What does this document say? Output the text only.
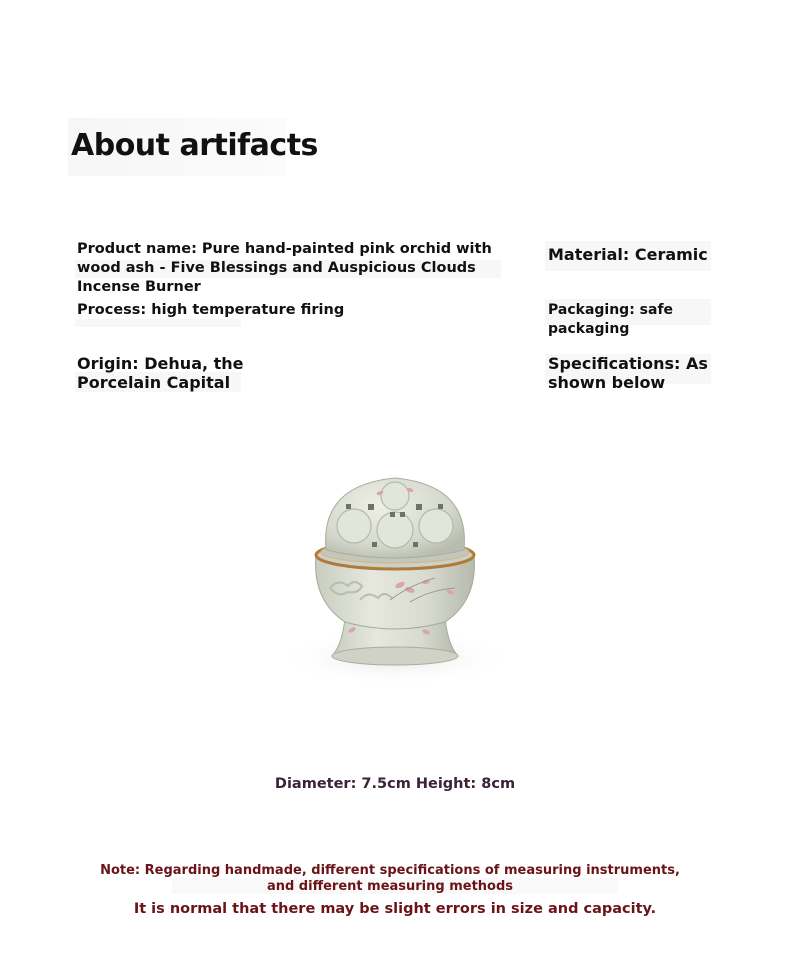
About artifacts
Product name: Pure hand-painted pink orchid with wood ash - Five Blessings and Auspicious Clouds Incense Burner
Process: high temperature firing
Origin: Dehua, the Porcelain Capital
Material: Ceramic
Packaging: safe packaging
Specifications: As shown below
Diameter: 7.5cm Height: 8cm
Note: Regarding handmade, different specifications of measuring instruments, and different measuring methods
It is normal that there may be slight errors in size and capacity.
